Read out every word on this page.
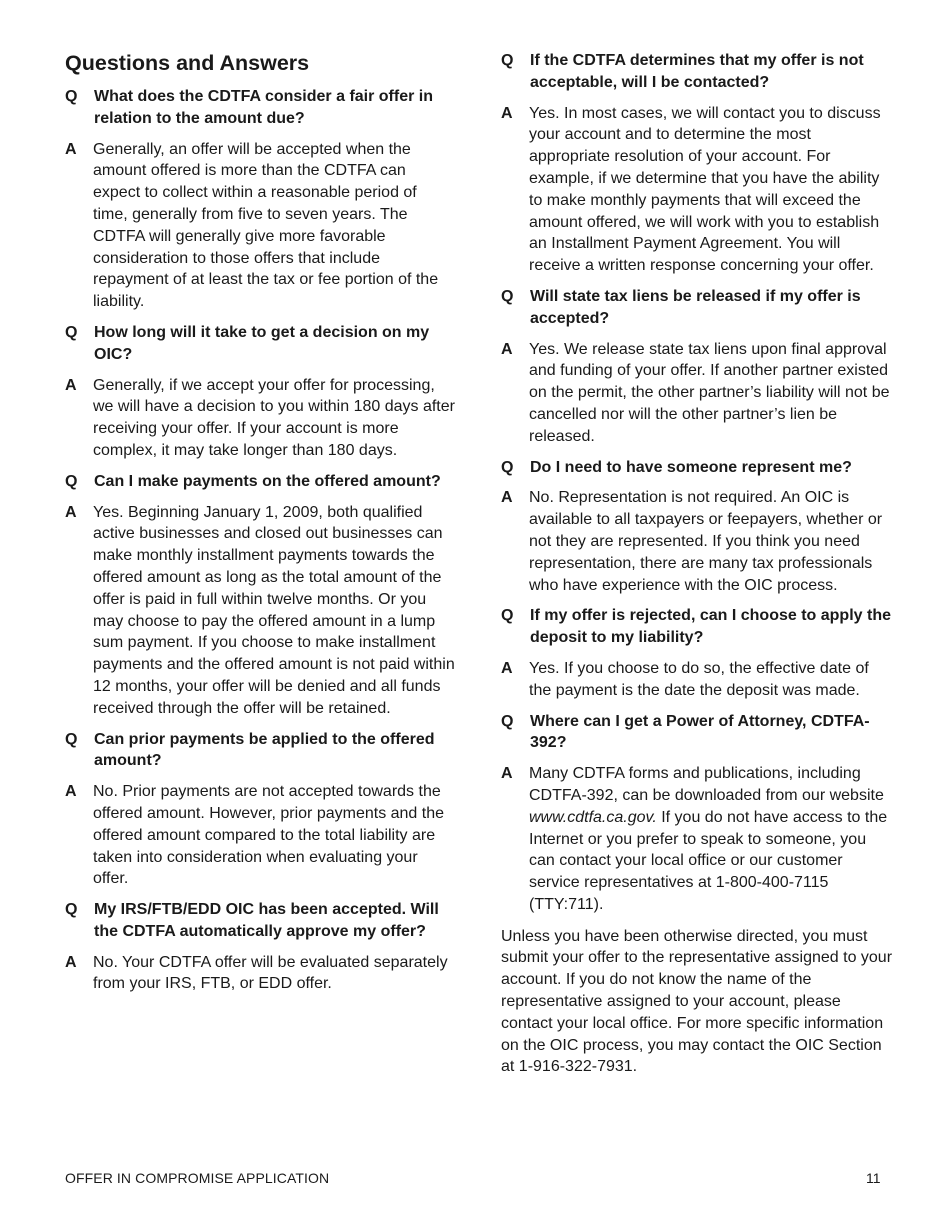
Questions and Answers
Q	What does the CDTFA consider a fair offer in relation to the amount due?
A	Generally, an offer will be accepted when the amount offered is more than the CDTFA can expect to collect within a reasonable period of time, generally from five to seven years. The CDTFA will generally give more favorable consideration to those offers that include repayment of at least the tax or fee portion of the liability.
Q	How long will it take to get a decision on my OIC?
A	Generally, if we accept your offer for processing, we will have a decision to you within 180 days after receiving your offer. If your account is more complex, it may take longer than 180 days.
Q	Can I make payments on the offered amount?
A	Yes. Beginning January 1, 2009, both qualified active businesses and closed out businesses can make monthly installment payments towards the offered amount as long as the total amount of the offer is paid in full within twelve months. Or you may choose to pay the offered amount in a lump sum payment. If you choose to make installment payments and the offered amount is not paid within 12 months, your offer will be denied and all funds received through the offer will be retained.
Q	Can prior payments be applied to the offered amount?
A	No. Prior payments are not accepted towards the offered amount. However, prior payments and the offered amount compared to the total liability are taken into consideration when evaluating your offer.
Q	My IRS/FTB/EDD OIC has been accepted. Will the CDTFA automatically approve my offer?
A	No. Your CDTFA offer will be evaluated separately from your IRS, FTB, or EDD offer.
Q	If the CDTFA determines that my offer is not acceptable, will I be contacted?
A	Yes. In most cases, we will contact you to discuss your account and to determine the most appropriate resolution of your account. For example, if we determine that you have the ability to make monthly payments that will exceed the amount offered, we will work with you to establish an Installment Payment Agreement. You will receive a written response concerning your offer.
Q	Will state tax liens be released if my offer is accepted?
A	Yes. We release state tax liens upon final approval and funding of your offer. If another partner existed on the permit, the other partner’s liability will not be cancelled nor will the other partner’s lien be released.
Q	Do I need to have someone represent me?
A	No. Representation is not required. An OIC is available to all taxpayers or feepayers, whether or not they are represented. If you think you need representation, there are many tax professionals who have experience with the OIC process.
Q	If my offer is rejected, can I choose to apply the deposit to my liability?
A	Yes. If you choose to do so, the effective date of the payment is the date the deposit was made.
Q	Where can I get a Power of Attorney, CDTFA-392?
A	Many CDTFA forms and publications, including CDTFA-392, can be downloaded from our website www.cdtfa.ca.gov. If you do not have access to the Internet or you prefer to speak to someone, you can contact your local office or our customer service representatives at 1-800-400-7115 (TTY:711).

Unless you have been otherwise directed, you must submit your offer to the representative assigned to your account. If you do not know the name of the representative assigned to your account, please contact your local office. For more specific information on the OIC process, you may contact the OIC Section at 1-916-322-7931.

OFFER IN COMPROMISE APPLICATION	11
